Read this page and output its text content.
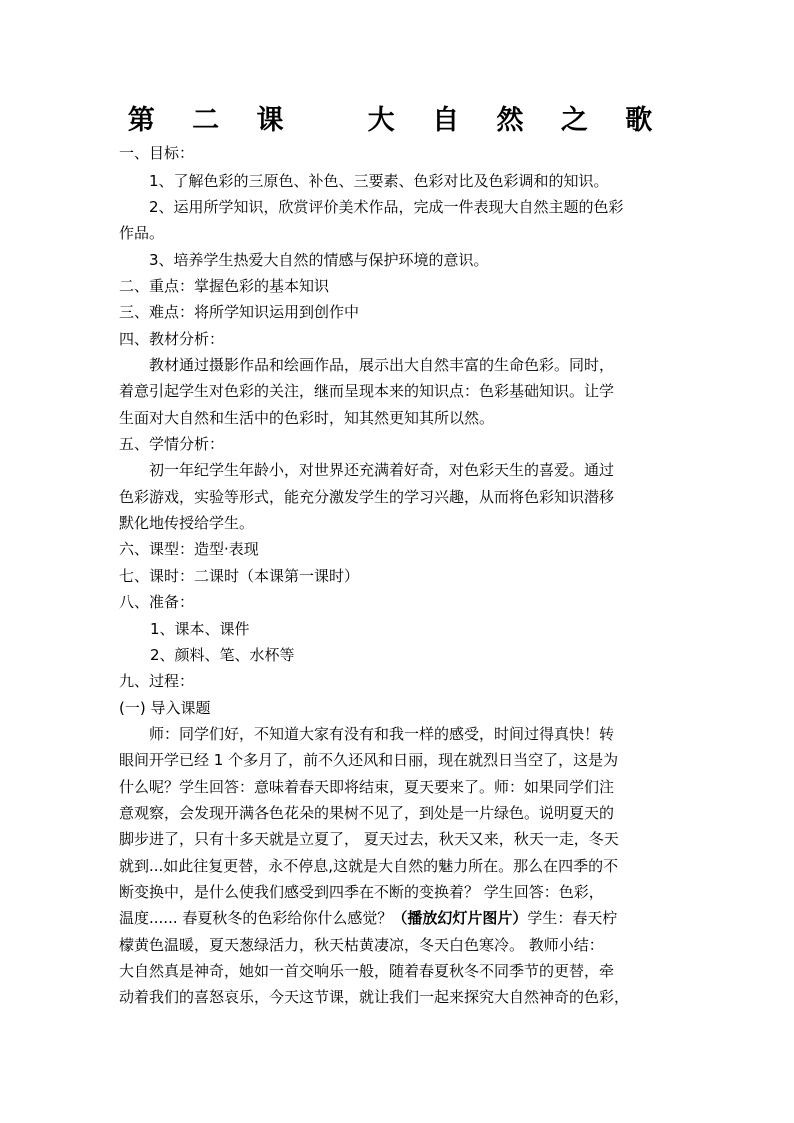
第 二 课   大 自 然 之 歌
一、目标：
1、了解色彩的三原色、补色、三要素、色彩对比及色彩调和的知识。
2、运用所学知识，欣赏评价美术作品，完成一件表现大自然主题的色彩
作品。
3、培养学生热爱大自然的情感与保护环境的意识。
二、重点：掌握色彩的基本知识
三、难点：将所学知识运用到创作中
四、教材分析：
教材通过摄影作品和绘画作品，展示出大自然丰富的生命色彩。同时，
着意引起学生对色彩的关注，继而呈现本来的知识点：色彩基础知识。让学
生面对大自然和生活中的色彩时，知其然更知其所以然。
五、学情分析：
初一年纪学生年龄小，对世界还充满着好奇，对色彩天生的喜爱。通过
色彩游戏，实验等形式，能充分激发学生的学习兴趣，从而将色彩知识潜移
默化地传授给学生。
六、课型：造型·表现
七、课时：二课时（本课第一课时）
八、准备：
1、课本、课件
2、颜料、笔、水杯等
九、过程：
(一) 导入课题
师：同学们好，不知道大家有没有和我一样的感受，时间过得真快！转
眼间开学已经 1 个多月了，前不久还风和日丽，现在就烈日当空了，这是为
什么呢？学生回答：意味着春天即将结束，夏天要来了。师：如果同学们注
意观察，会发现开满各色花朵的果树不见了，到处是一片绿色。说明夏天的
脚步进了，只有十多天就是立夏了， 夏天过去，秋天又来，秋天一走，冬天
就到...如此往复更替，永不停息,这就是大自然的魅力所在。那么在四季的不
断变换中，是什么使我们感受到四季在不断的变换着？ 学生回答：色彩，
温度...... 春夏秋冬的色彩给你什么感觉？（播放幻灯片图片）学生：春天柠
檬黄色温暖，夏天葱绿活力，秋天枯黄凄凉，冬天白色寒冷。 教师小结：
大自然真是神奇，她如一首交响乐一般，随着春夏秋冬不同季节的更替，牵
动着我们的喜怒哀乐，今天这节课，就让我们一起来探究大自然神奇的色彩，
